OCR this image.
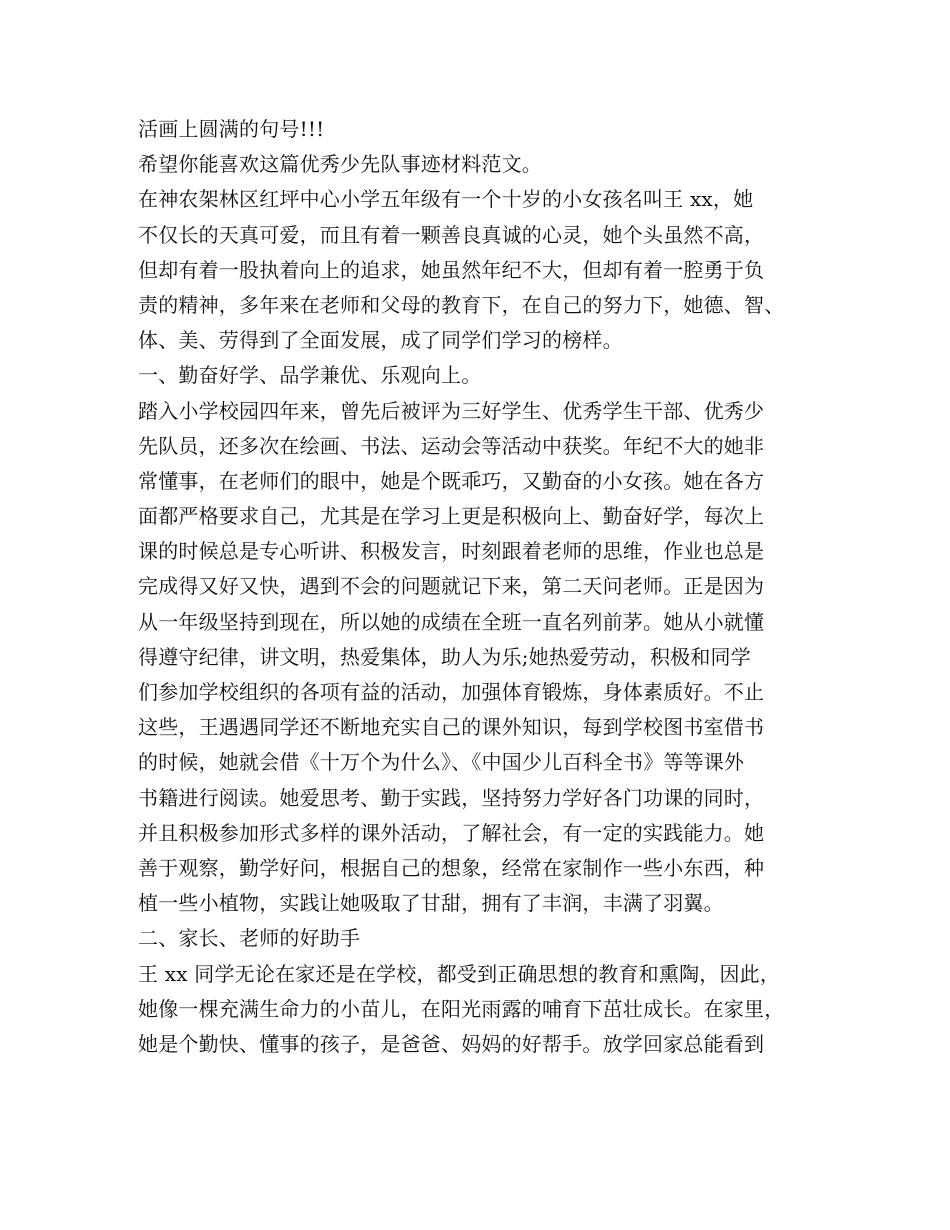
活画上圆满的句号!!!
希望你能喜欢这篇优秀少先队事迹材料范文。
在神农架林区红坪中心小学五年级有一个十岁的小女孩名叫王 xx，她
不仅长的天真可爱，而且有着一颗善良真诚的心灵，她个头虽然不高，
但却有着一股执着向上的追求，她虽然年纪不大，但却有着一腔勇于负
责的精神，多年来在老师和父母的教育下，在自己的努力下，她德、智、
体、美、劳得到了全面发展，成了同学们学习的榜样。
一、勤奋好学、品学兼优、乐观向上。
踏入小学校园四年来，曾先后被评为三好学生、优秀学生干部、优秀少
先队员，还多次在绘画、书法、运动会等活动中获奖。年纪不大的她非
常懂事，在老师们的眼中，她是个既乖巧，又勤奋的小女孩。她在各方
面都严格要求自己，尤其是在学习上更是积极向上、勤奋好学，每次上
课的时候总是专心听讲、积极发言，时刻跟着老师的思维，作业也总是
完成得又好又快，遇到不会的问题就记下来，第二天问老师。正是因为
从一年级坚持到现在，所以她的成绩在全班一直名列前茅。她从小就懂
得遵守纪律，讲文明，热爱集体，助人为乐;她热爱劳动，积极和同学
们参加学校组织的各项有益的活动，加强体育锻炼，身体素质好。不止
这些，王遇遇同学还不断地充实自己的课外知识，每到学校图书室借书
的时候，她就会借《十万个为什么》、《中国少儿百科全书》等等课外
书籍进行阅读。她爱思考、勤于实践，坚持努力学好各门功课的同时，
并且积极参加形式多样的课外活动，了解社会，有一定的实践能力。她
善于观察，勤学好问，根据自己的想象，经常在家制作一些小东西，种
植一些小植物，实践让她吸取了甘甜，拥有了丰润，丰满了羽翼。
二、家长、老师的好助手
王 xx 同学无论在家还是在学校，都受到正确思想的教育和熏陶，因此，
她像一棵充满生命力的小苗儿，在阳光雨露的哺育下茁壮成长。在家里，
她是个勤快、懂事的孩子，是爸爸、妈妈的好帮手。放学回家总能看到
